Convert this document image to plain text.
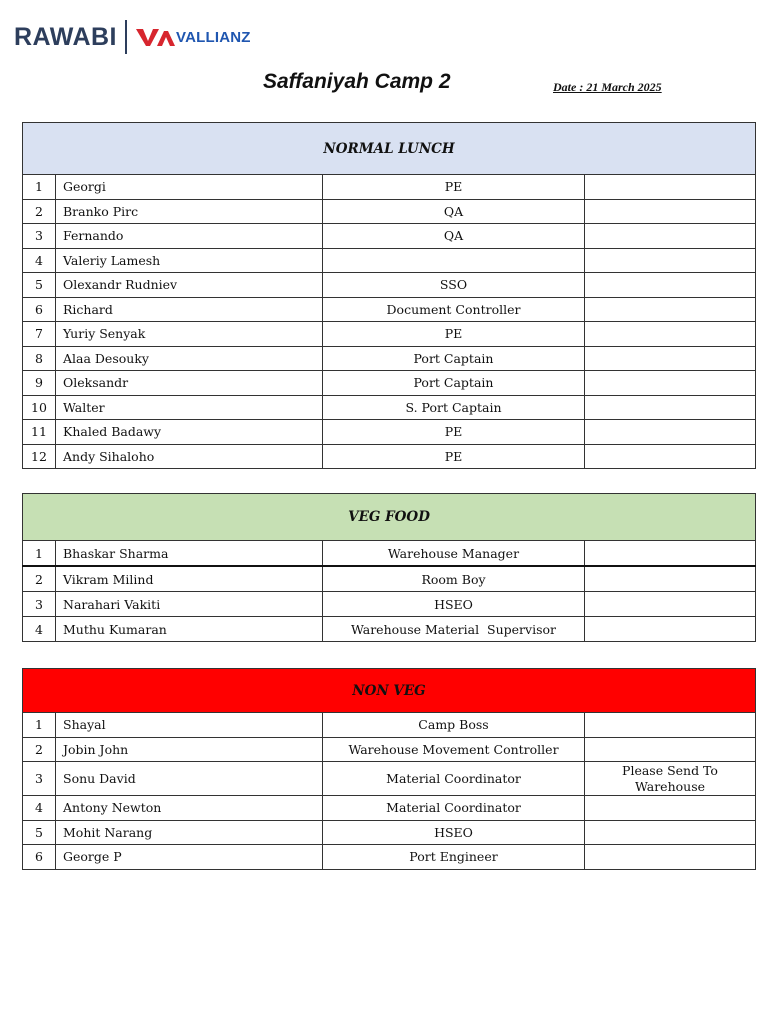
RAWABI	VALLIANZ
Saffaniyah Camp 2	Date : 21 March 2025
NORMAL LUNCH			
1	Georgi	PE	
2	Branko Pirc	QA	
3	Fernando	QA	
4	Valeriy Lamesh		
5	Olexandr Rudniev	SSO	
6	Richard	Document Controller	
7	Yuriy Senyak	PE	
8	Alaa Desouky	Port Captain	
9	Oleksandr	Port Captain	
10	Walter	S. Port Captain	
11	Khaled Badawy	PE	
12	Andy Sihaloho	PE	
VEG FOOD			
1	Bhaskar Sharma	Warehouse Manager	
2	Vikram Milind	Room Boy	
3	Narahari Vakiti	HSEO	
4	Muthu Kumaran	Warehouse Material  Supervisor	
NON VEG			
1	Shayal	Camp Boss	
2	Jobin John	Warehouse Movement Controller	
3	Sonu David	Material Coordinator	Please Send To Warehouse
4	Antony Newton	Material Coordinator	
5	Mohit Narang	HSEO	
6	George P	Port Engineer	
